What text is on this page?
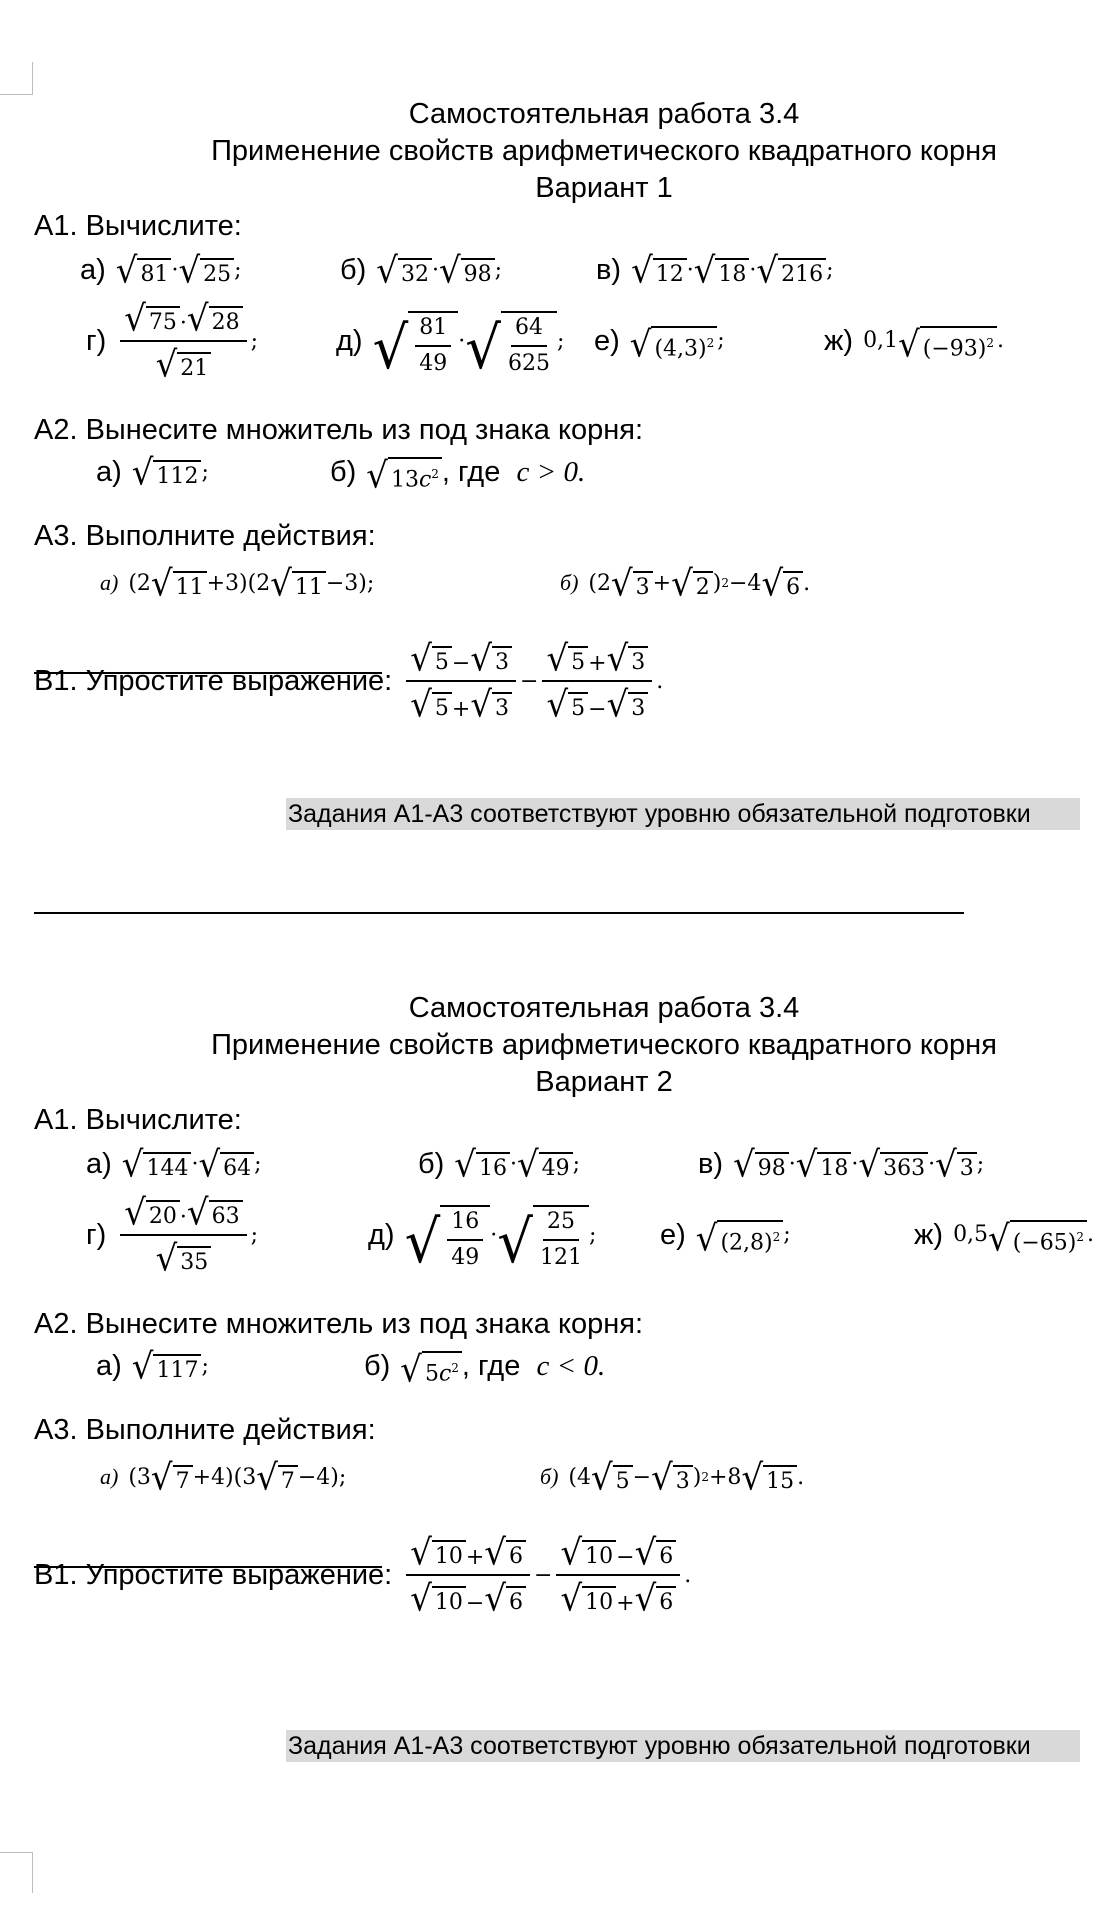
Самостоятельная работа 3.4
Применение свойств арифметического квадратного корня
Вариант 1
А1. Вычислите:
а) √ 81 · √ 25 ;	б) √ 32 · √ 98 ;	в) √ 12 · √ 18 · √ 216 ;
$г) \frac{√ 75 \cdot √ 28}{√ 21}$ ;	д) √ $\frac{81}{49}$ · √ $\frac{64}{625}$ ; е) √ $(4,3)^2$ ;	ж) 0,1 √ $(-93)^2$ .
А2. Вынесите множитель из под знака корня:
а) √ 112 ;	б) √ $13c^2$ , где
c > 0.
А3. Выполните действия:
а) (2 √ 11 +3)(2 √ 11 −3);	б) (2 √ 3 + √ 2 ) 2 −4 √ 6 .
В1. Упростите выражение: $\frac{√ 5 - √ 3}{√ 5 + √ 3} - \frac{√ 5 + √ 3}{√ 5 - √ 3}$ .
Задания А1-А3 соответствуют уровню обязательной подготовки
Самостоятельная работа 3.4
Применение свойств арифметического квадратного корня
Вариант 2
А1. Вычислите:
а) √ 144 · √ 64 ;	б) √ 16 · √ 49 ;	в) √ 98 · √ 18 · √ 363 · √ 3 ;
$г) \frac{√ 20 \cdot √ 63}{√ 35}$ ;	д) √ $\frac{16}{49}$ · √ $\frac{25}{121}$ ; е) √ $(2,8)^2$ ;	ж) 0,5 √ $(-65)^2$ .
А2. Вынесите множитель из под знака корня:
а) √ 117 ;	б) √ $5c^2$ , где
c < 0.
А3. Выполните действия:
а) (3 √ 7 +4)(3 √ 7 −4);	б) (4 √ 5 − √ 3 ) 2 +8 √ 15 .
В1. Упростите выражение: $\frac{√ 10 + √ 6}{√ 10 - √ 6} - \frac{√ 10 - √ 6}{√ 10 + √ 6}$ .
Задания А1-А3 соответствуют уровню обязательной подготовки
